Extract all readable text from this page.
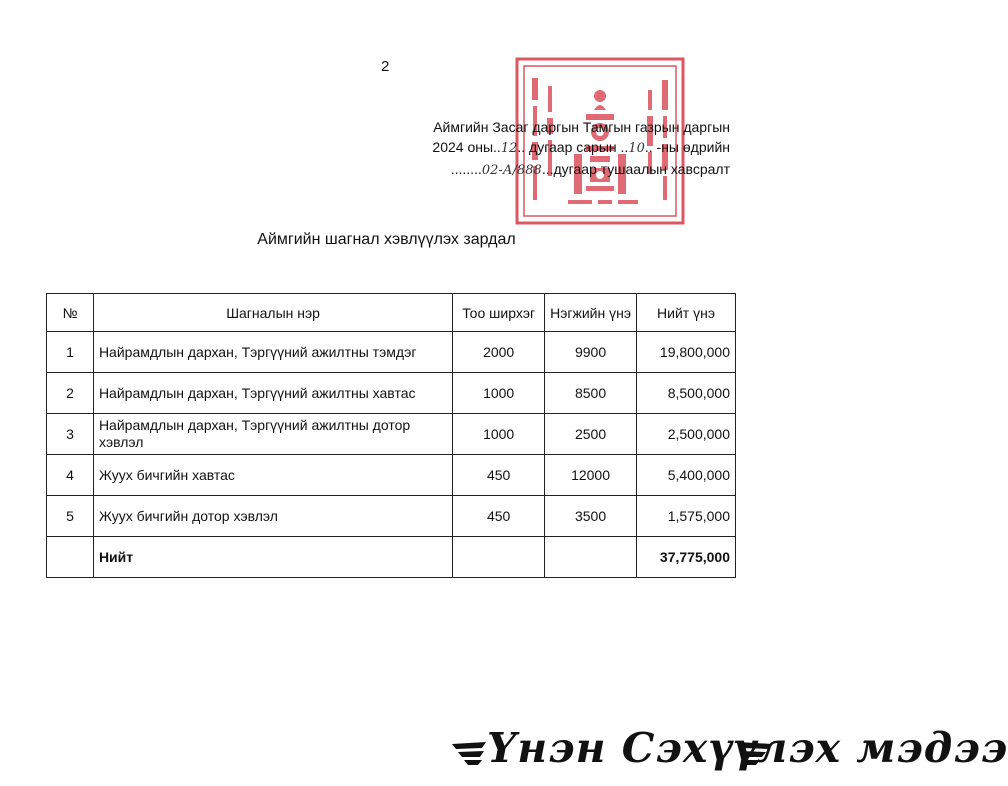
2
Аймгийн Засаг даргын Тамгын газрын даргын
2024 оны..12.. дугаар сарын ..10.. -ны өдрийн
........02-А/888...дугаар тушаалын хавсралт
Аймгийн шагнал хэвлүүлэх зардал
№	Шагналын нэр	Тоо ширхэг	Нэгжийн үнэ	Нийт үнэ
1	Найрамдлын дархан, Тэргүүний ажилтны тэмдэг	2000	9900	19,800,000
2	Найрамдлын дархан, Тэргүүний ажилтны хавтас	1000	8500	8,500,000
3	Найрамдлын дархан, Тэргүүний ажилтны дотор хэвлэл	1000	2500	2,500,000
4	Жуух бичгийн хавтас	450	12000	5,400,000
5	Жуух бичгийн дотор хэвлэл	450	3500	1,575,000
	Нийт			37,775,000
Үнэн Сэхүүлэх мэдээ
